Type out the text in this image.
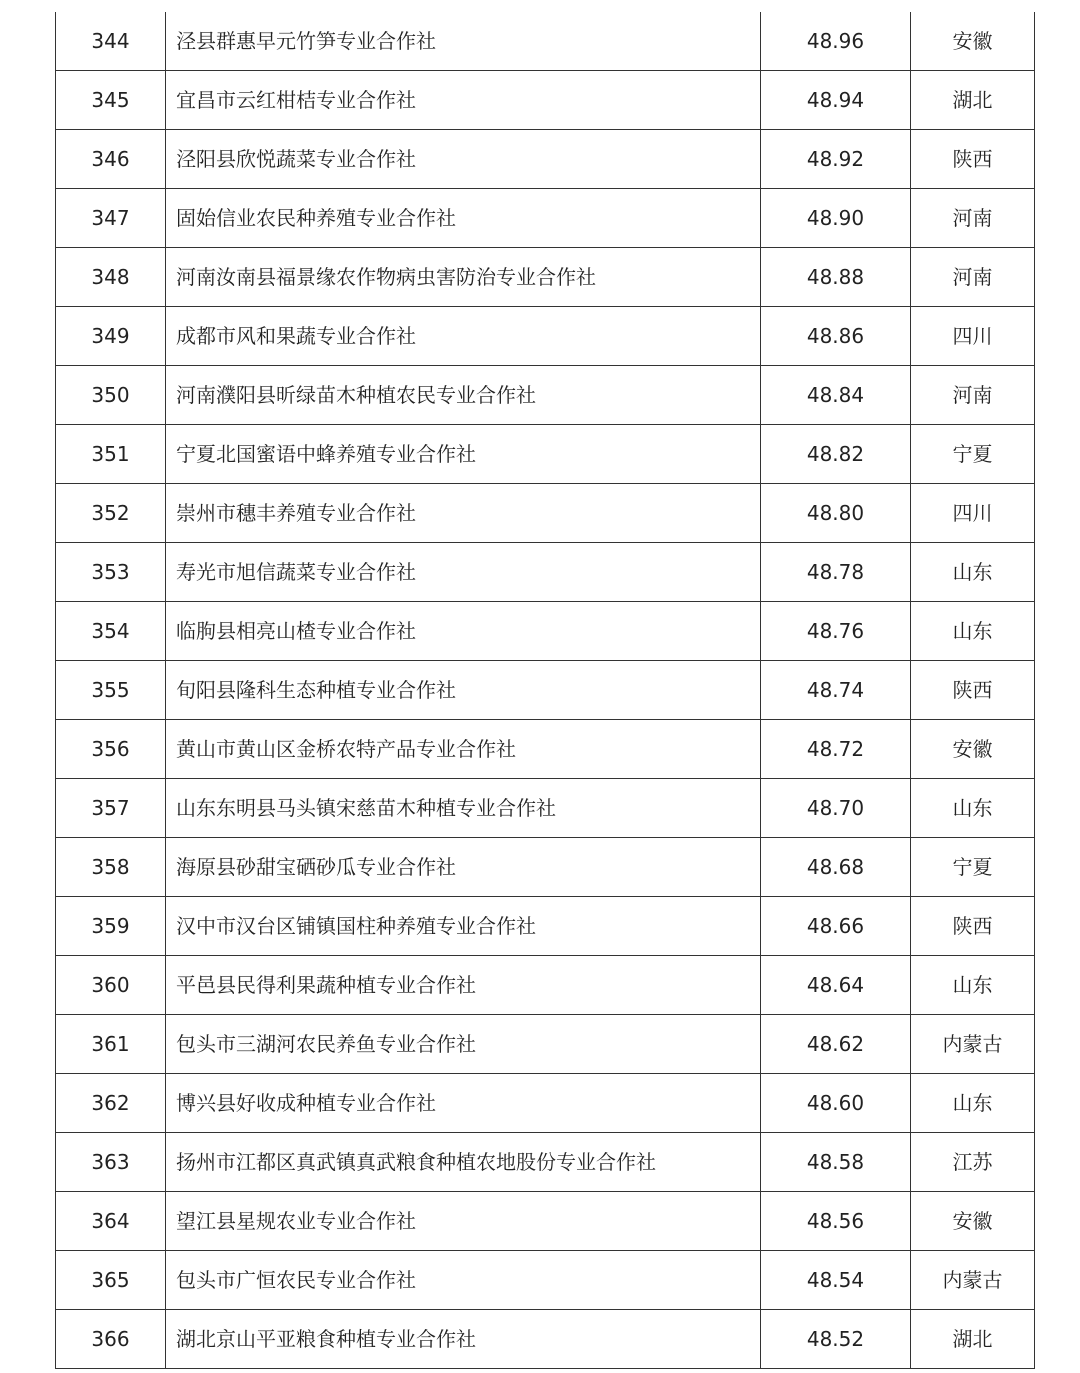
344	泾县群惠早元竹笋专业合作社	48.96	安徽
345	宜昌市云红柑桔专业合作社	48.94	湖北
346	泾阳县欣悦蔬菜专业合作社	48.92	陕西
347	固始信业农民种养殖专业合作社	48.90	河南
348	河南汝南县福景缘农作物病虫害防治专业合作社	48.88	河南
349	成都市风和果蔬专业合作社	48.86	四川
350	河南濮阳县昕绿苗木种植农民专业合作社	48.84	河南
351	宁夏北国蜜语中蜂养殖专业合作社	48.82	宁夏
352	崇州市穗丰养殖专业合作社	48.80	四川
353	寿光市旭信蔬菜专业合作社	48.78	山东
354	临朐县相亮山楂专业合作社	48.76	山东
355	旬阳县隆科生态种植专业合作社	48.74	陕西
356	黄山市黄山区金桥农特产品专业合作社	48.72	安徽
357	山东东明县马头镇宋慈苗木种植专业合作社	48.70	山东
358	海原县砂甜宝硒砂瓜专业合作社	48.68	宁夏
359	汉中市汉台区铺镇国柱种养殖专业合作社	48.66	陕西
360	平邑县民得利果蔬种植专业合作社	48.64	山东
361	包头市三湖河农民养鱼专业合作社	48.62	内蒙古
362	博兴县好收成种植专业合作社	48.60	山东
363	扬州市江都区真武镇真武粮食种植农地股份专业合作社	48.58	江苏
364	望江县星规农业专业合作社	48.56	安徽
365	包头市广恒农民专业合作社	48.54	内蒙古
366	湖北京山平亚粮食种植专业合作社	48.52	湖北
